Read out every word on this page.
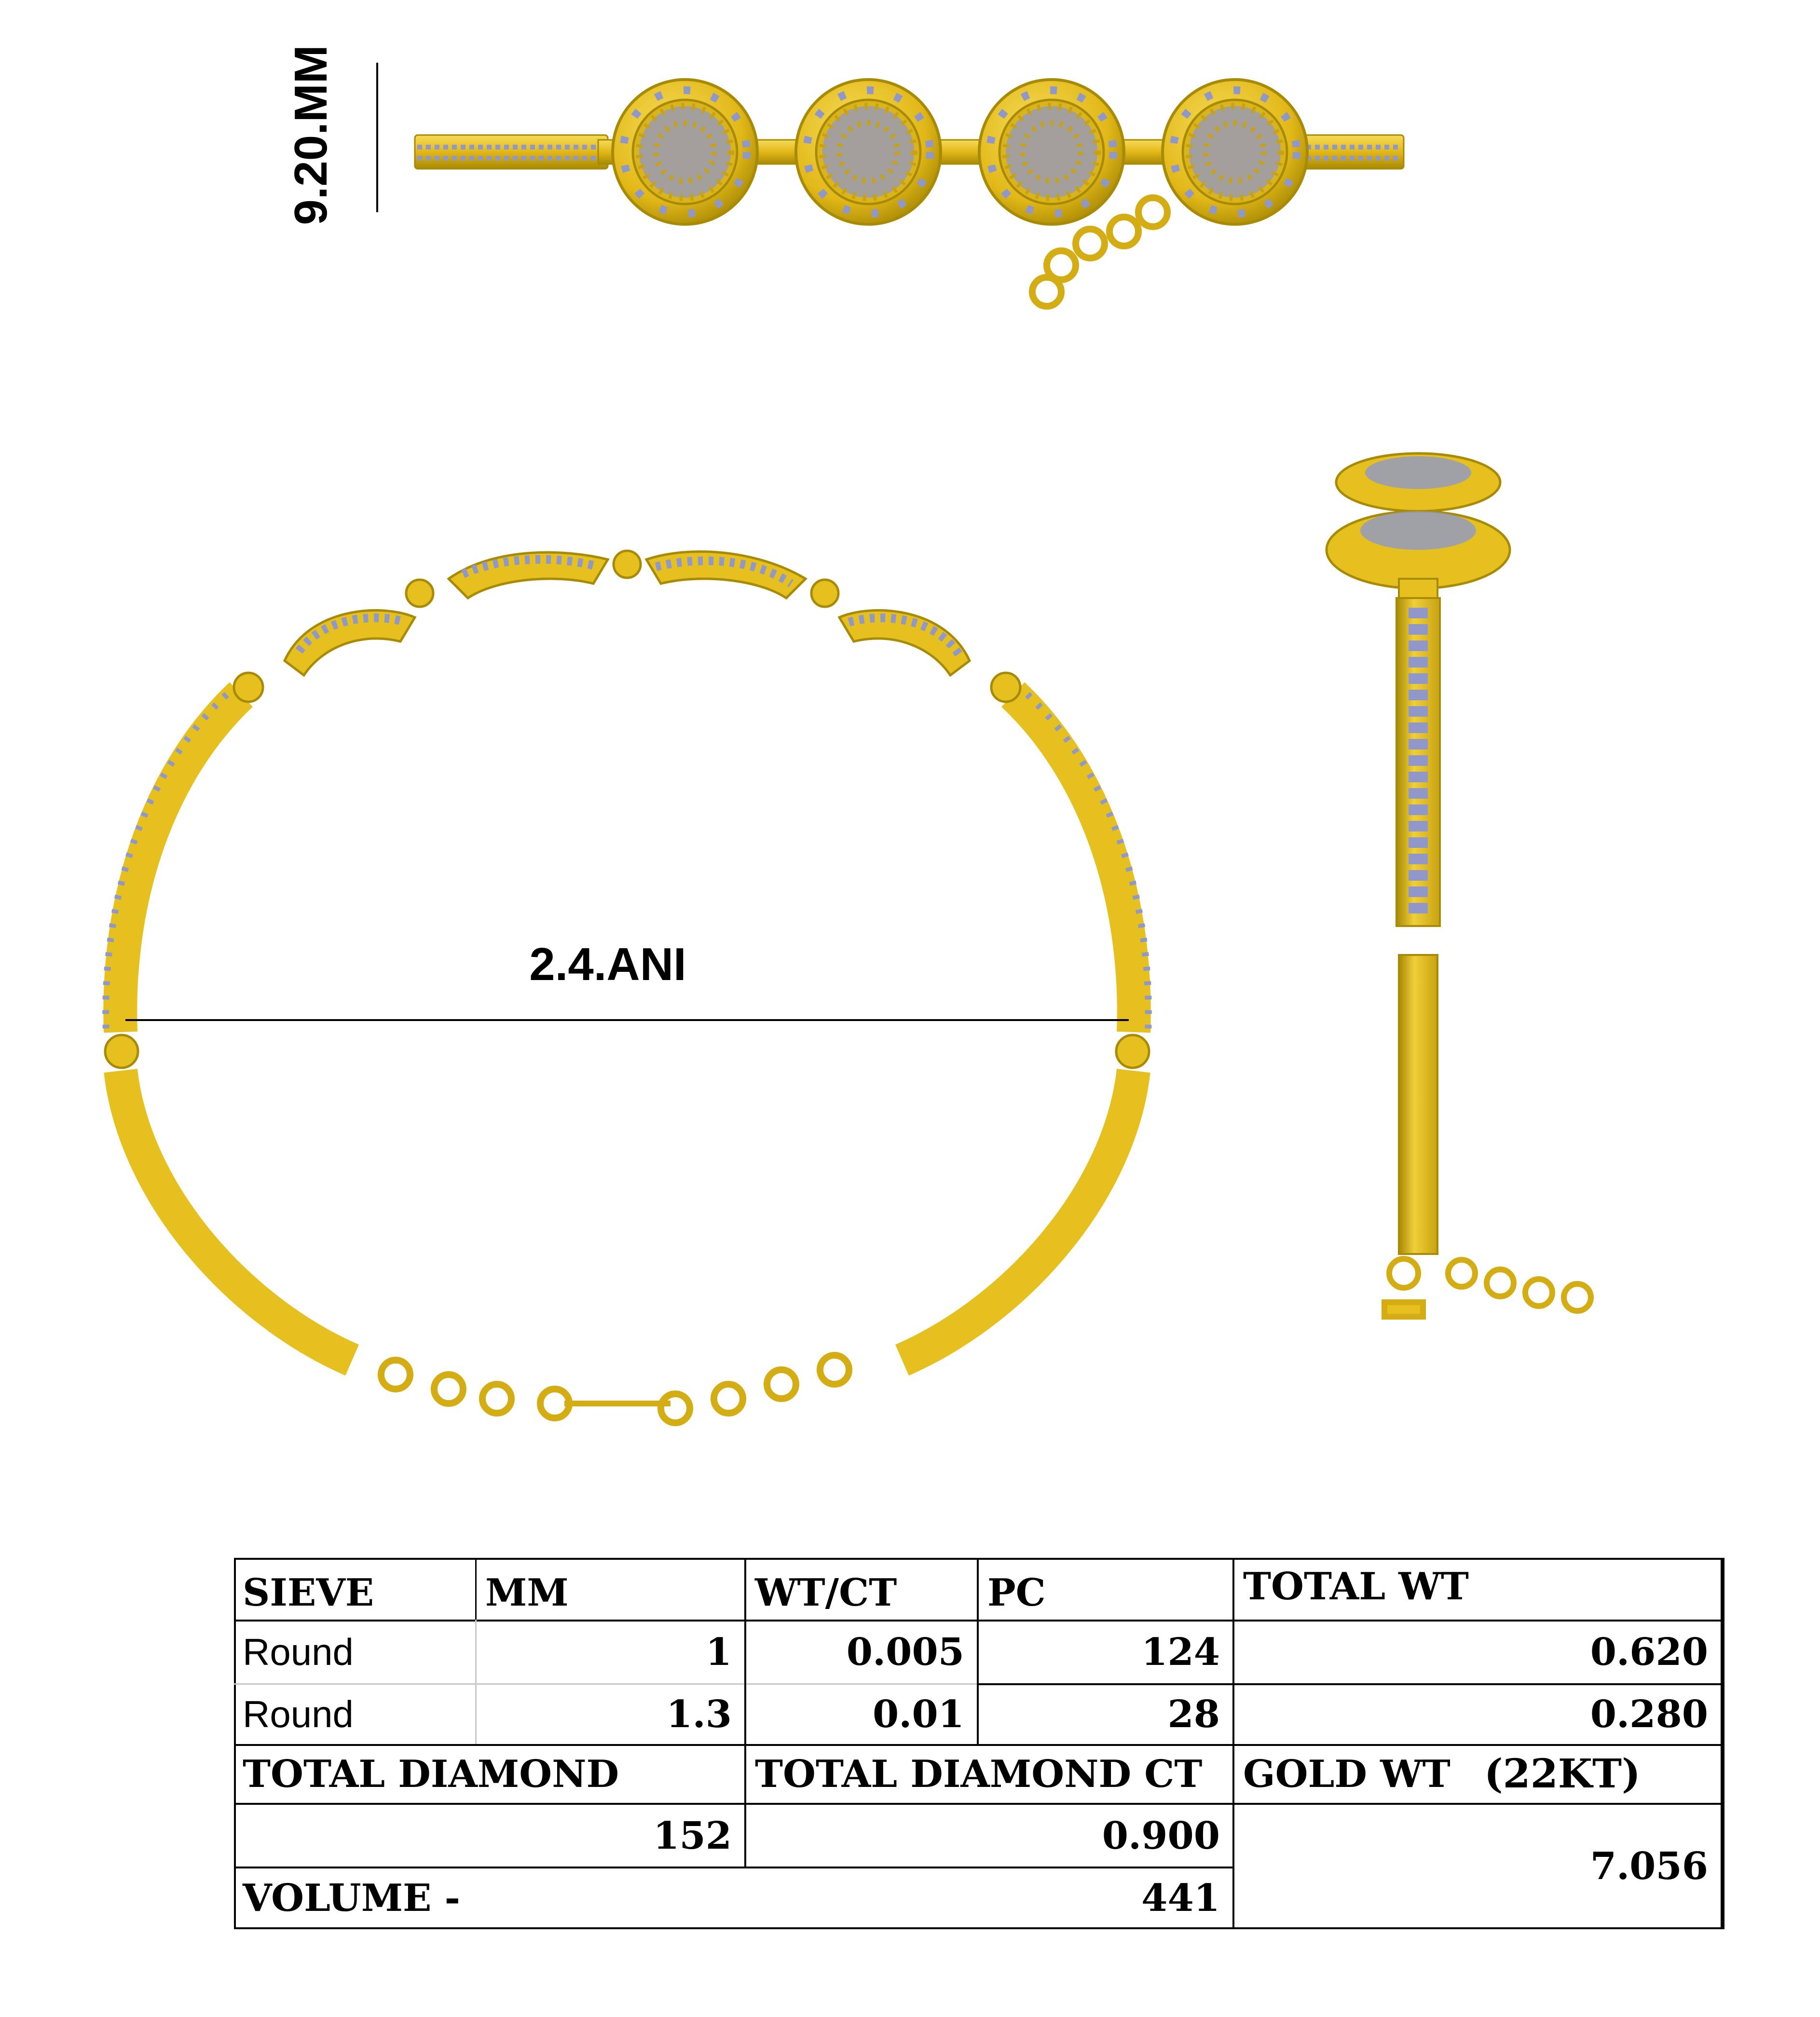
9.20.MM
2.4.ANI
SIEVE	MM	WT/CT	PC	TOTAL WT
Round	1	0.005	124	0.620
Round	1.3	0.01	28	0.280
TOTAL DIAMOND	TOTAL DIAMOND CT	GOLD WT (22KT)
152	0.900
7.056
VOLUME -	441
